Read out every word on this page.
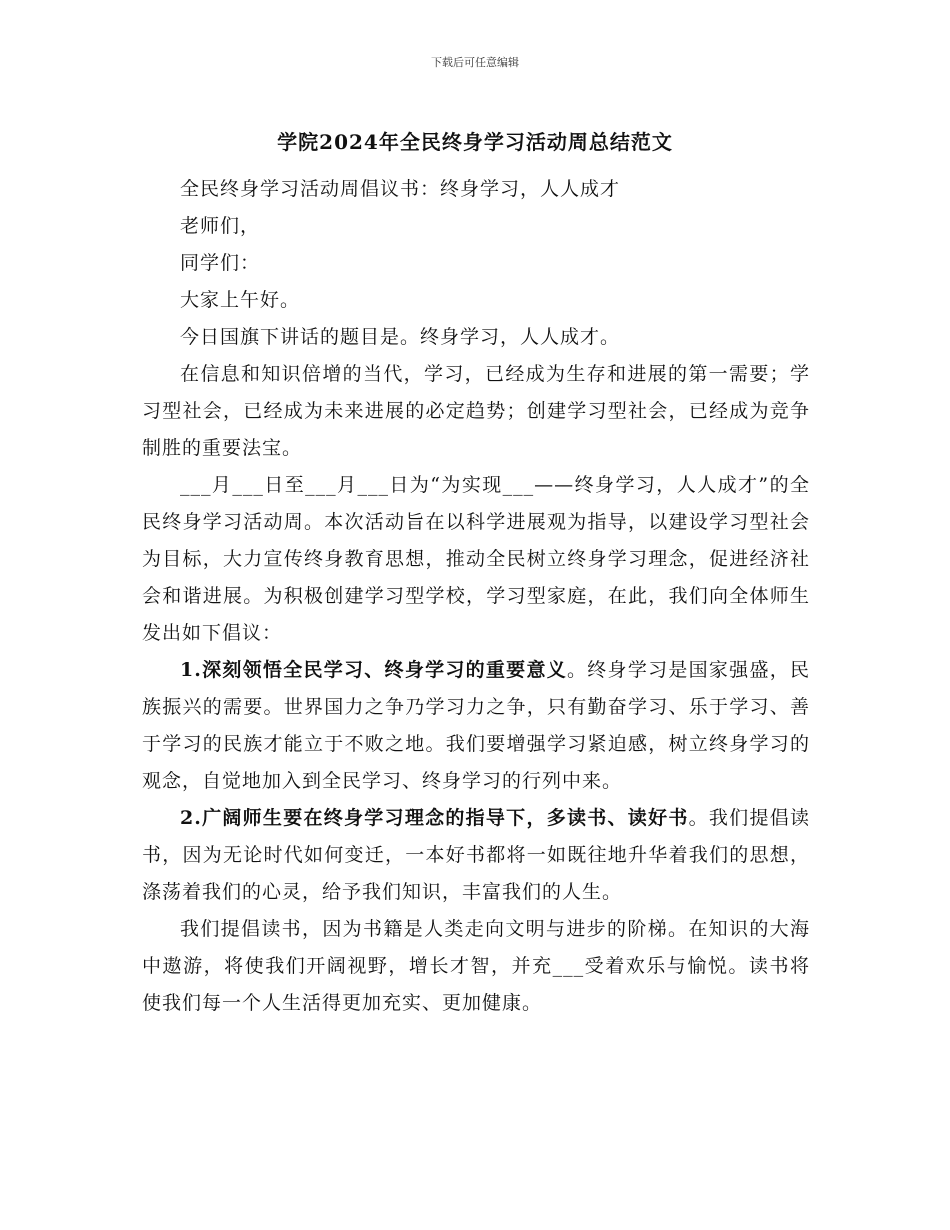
下载后可任意编辑
学院2024年全民终身学习活动周总结范文

全民终身学习活动周倡议书：终身学习，人人成才

老师们，

同学们：

大家上午好。

今日国旗下讲话的题目是。终身学习，人人成才。

在信息和知识倍增的当代，学习，已经成为生存和进展的第一需要；学习型社会，已经成为未来进展的必定趋势；创建学习型社会，已经成为竞争制胜的重要法宝。

___月___日至___月___日为“为实现___——终身学习，人人成才”的全民终身学习活动周。本次活动旨在以科学进展观为指导，以建设学习型社会为目标，大力宣传终身教育思想，推动全民树立终身学习理念，促进经济社会和谐进展。为积极创建学习型学校，学习型家庭，在此，我们向全体师生发出如下倡议：

1.深刻领悟全民学习、终身学习的重要意义。终身学习是国家强盛，民族振兴的需要。世界国力之争乃学习力之争，只有勤奋学习、乐于学习、善于学习的民族才能立于不败之地。我们要增强学习紧迫感，树立终身学习的观念，自觉地加入到全民学习、终身学习的行列中来。

2.广阔师生要在终身学习理念的指导下，多读书、读好书。我们提倡读书，因为无论时代如何变迁，一本好书都将一如既往地升华着我们的思想，涤荡着我们的心灵，给予我们知识，丰富我们的人生。

我们提倡读书，因为书籍是人类走向文明与进步的阶梯。在知识的大海中遨游，将使我们开阔视野，增长才智，并充___受着欢乐与愉悦。读书将使我们每一个人生活得更加充实、更加健康。
